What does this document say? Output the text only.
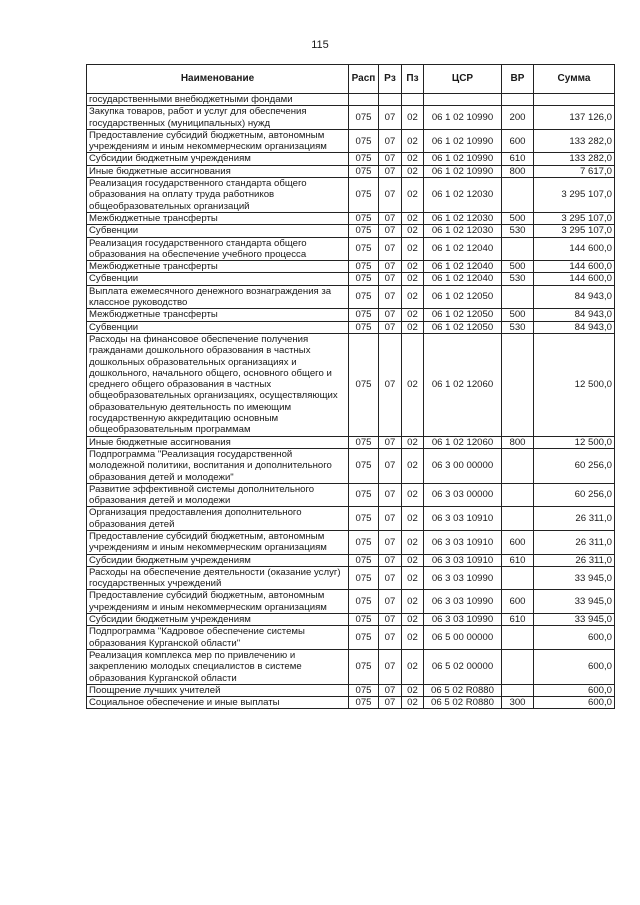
115
Наименование	Расп	Рз	Пз	ЦСР	ВР	Сумма
государственными внебюджетными фондами						
Закупка товаров, работ и услуг для обеспечения государственных (муниципальных) нужд	075	07	02	06 1 02 10990	200	137 126,0
Предоставление субсидий бюджетным, автономным учреждениям и иным некоммерческим организациям	075	07	02	06 1 02 10990	600	133 282,0
Субсидии бюджетным учреждениям	075	07	02	06 1 02 10990	610	133 282,0
Иные бюджетные ассигнования	075	07	02	06 1 02 10990	800	7 617,0
Реализация государственного стандарта общего образования на оплату труда работников общеобразовательных организаций	075	07	02	06 1 02 12030		3 295 107,0
Межбюджетные трансферты	075	07	02	06 1 02 12030	500	3 295 107,0
Субвенции	075	07	02	06 1 02 12030	530	3 295 107,0
Реализация государственного стандарта общего образования на обеспечение учебного процесса	075	07	02	06 1 02 12040		144 600,0
Межбюджетные трансферты	075	07	02	06 1 02 12040	500	144 600,0
Субвенции	075	07	02	06 1 02 12040	530	144 600,0
Выплата ежемесячного денежного вознаграждения за классное руководство	075	07	02	06 1 02 12050		84 943,0
Межбюджетные трансферты	075	07	02	06 1 02 12050	500	84 943,0
Субвенции	075	07	02	06 1 02 12050	530	84 943,0
Расходы на финансовое обеспечение получения гражданами дошкольного образования в частных дошкольных образовательных организациях и дошкольного, начального общего, основного общего и среднего общего образования в частных общеобразовательных организациях, осуществляющих образовательную деятельность по имеющим государственную аккредитацию основным общеобразовательным программам	075	07	02	06 1 02 12060		12 500,0
Иные бюджетные ассигнования	075	07	02	06 1 02 12060	800	12 500,0
Подпрограмма "Реализация государственной молодежной политики, воспитания и дополнительного образования детей и молодежи"	075	07	02	06 3 00 00000		60 256,0
Развитие эффективной системы дополнительного образования детей и молодежи	075	07	02	06 3 03 00000		60 256,0
Организация предоставления дополнительного образования детей	075	07	02	06 3 03 10910		26 311,0
Предоставление субсидий бюджетным, автономным учреждениям и иным некоммерческим организациям	075	07	02	06 3 03 10910	600	26 311,0
Субсидии бюджетным учреждениям	075	07	02	06 3 03 10910	610	26 311,0
Расходы на обеспечение деятельности (оказание услуг) государственных учреждений	075	07	02	06 3 03 10990		33 945,0
Предоставление субсидий бюджетным, автономным учреждениям и иным некоммерческим организациям	075	07	02	06 3 03 10990	600	33 945,0
Субсидии бюджетным учреждениям	075	07	02	06 3 03 10990	610	33 945,0
Подпрограмма "Кадровое обеспечение системы образования Курганской области"	075	07	02	06 5 00 00000		600,0
Реализация комплекса мер по привлечению и закреплению молодых специалистов в системе образования Курганской области	075	07	02	06 5 02 00000		600,0
Поощрение лучших учителей	075	07	02	06 5 02 R0880		600,0
Социальное обеспечение и иные выплаты	075	07	02	06 5 02 R0880	300	600,0
